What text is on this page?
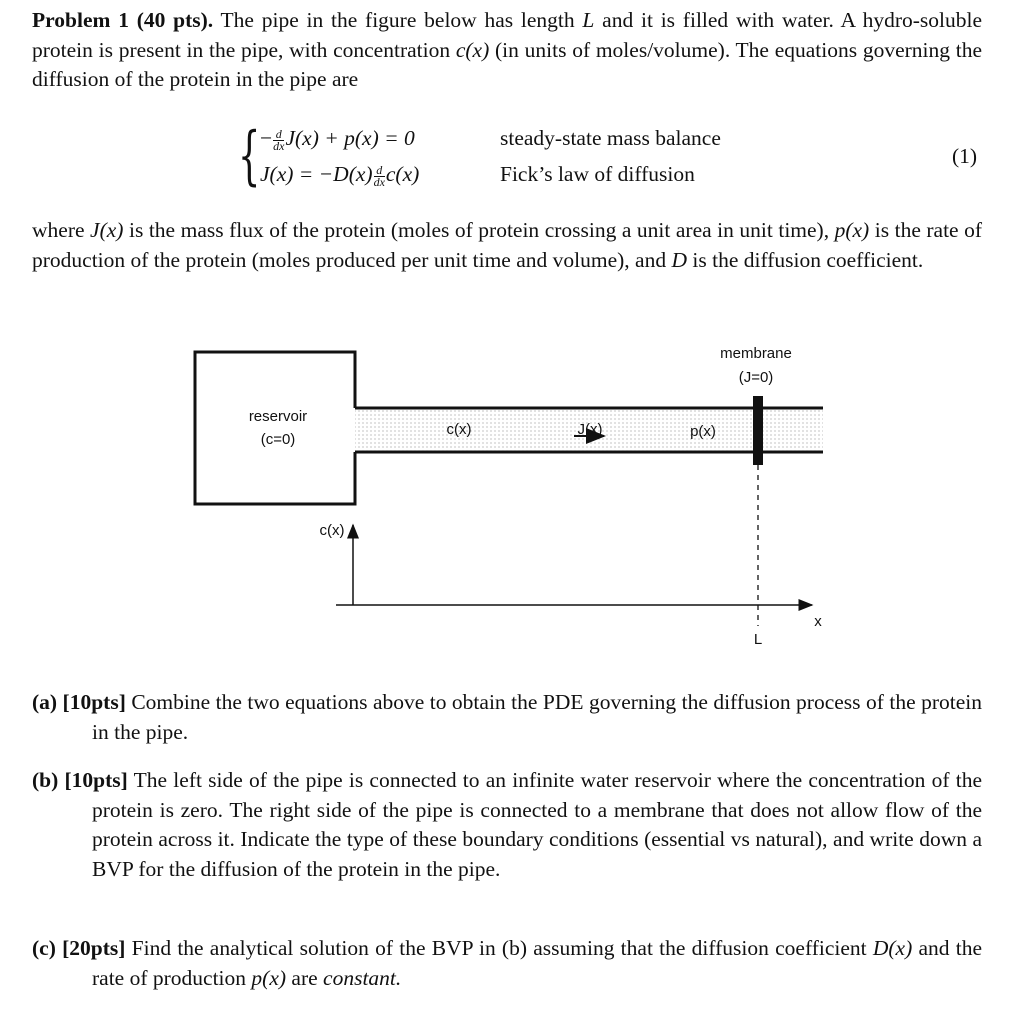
Problem 1 (40 pts). The pipe in the figure below has length L and it is filled with water. A hydro-soluble protein is present in the pipe, with concentration c(x) (in units of moles/volume). The equations governing the diffusion of the protein in the pipe are

{ − $\frac{d}{dx} J(x) + p(x) = 0$	steady-state mass balance
$J(x) = -D(x) \frac{d}{dx} c(x)$	Fick’s law of diffusion
(1)

where J(x) is the mass flux of the protein (moles of protein crossing a unit area in unit time), p(x) is the rate of production of the protein (moles produced per unit time and volume), and D is the diffusion coefficient.

reservoir
(c=0)
membrane
(J=0)
c(x)	J(x)	p(x)
c(x)
x
L

(a) [10pts] Combine the two equations above to obtain the PDE governing the diffusion process of the protein in the pipe.

(b) [10pts] The left side of the pipe is connected to an infinite water reservoir where the concentration of the protein is zero. The right side of the pipe is connected to a membrane that does not allow flow of the protein across it. Indicate the type of these boundary conditions (essential vs natural), and write down a BVP for the diffusion of the protein in the pipe.

(c) [20pts] Find the analytical solution of the BVP in (b) assuming that the diffusion coefficient D(x) and the rate of production p(x) are constant.
